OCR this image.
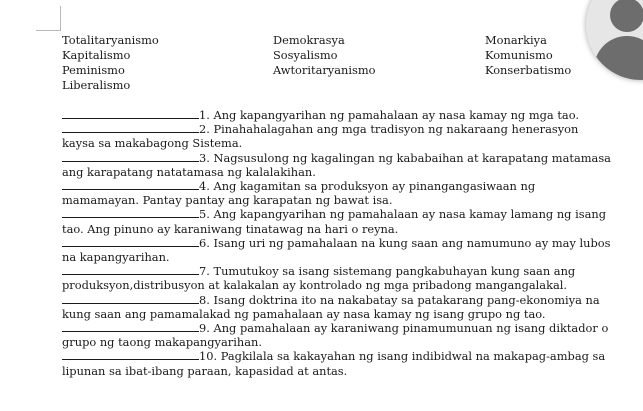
Totalitaryanismo	Demokrasya	Monarkiya
Kapitalismo	Sosyalismo	Komunismo
Peminismo	Awtoritaryanismo	Konserbatismo
Liberalismo

1. Ang kapangyarihan ng pamahalaan ay nasa kamay ng mga tao.

2. Pinahahalagahan ang mga tradisyon ng nakaraang henerasyon kaysa sa makabagong Sistema.

3. Nagsusulong ng kagalingan ng kababaihan at karapatang matamasa ang karapatang natatamasa ng kalalakihan.

4. Ang kagamitan sa produksyon ay pinangangasiwaan ng mamamayan. Pantay pantay ang karapatan ng bawat isa.

5. Ang kapangyarihan ng pamahalaan ay nasa kamay lamang ng isang tao. Ang pinuno ay karaniwang tinatawag na hari o reyna.

6. Isang uri ng pamahalaan na kung saan ang namumuno ay may lubos na kapangyarihan.

7. Tumutukoy sa isang sistemang pangkabuhayan kung saan ang produksyon,distribusyon at kalakalan ay kontrolado ng mga pribadong mangangalakal.

8. Isang doktrina ito na nakabatay sa patakarang pang-ekonomiya na kung saan ang pamamalakad ng pamahalaan ay nasa kamay ng isang grupo ng tao.

9. Ang pamahalaan ay karaniwang pinamumunuan ng isang diktador o grupo ng taong makapangyarihan.

10. Pagkilala sa kakayahan ng isang indibidwal na makapag-ambag sa lipunan sa ibat-ibang paraan, kapasidad at antas.
